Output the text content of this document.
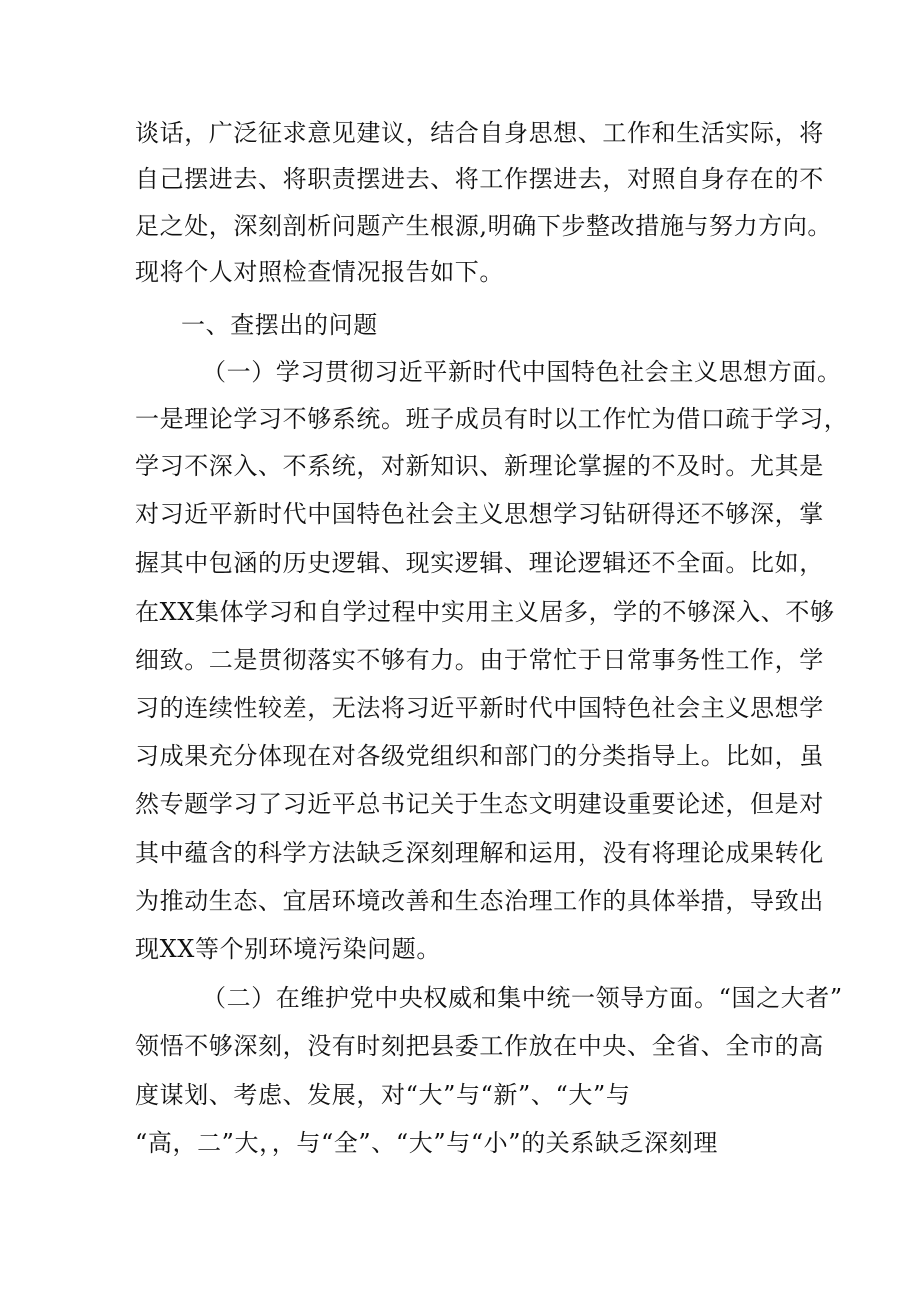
谈话，广泛征求意见建议，结合自身思想、工作和生活实际，将
自己摆进去、将职责摆进去、将工作摆进去，对照自身存在的不
足之处，深刻剖析问题产生根源,明确下步整改措施与努力方向。
现将个人对照检查情况报告如下。
一、查摆出的问题
（一）学习贯彻习近平新时代中国特色社会主义思想方面。
一是理论学习不够系统。班子成员有时以工作忙为借口疏于学习，
学习不深入、不系统，对新知识、新理论掌握的不及时。尤其是
对习近平新时代中国特色社会主义思想学习钻研得还不够深，掌
握其中包涵的历史逻辑、现实逻辑、理论逻辑还不全面。比如，
在XX集体学习和自学过程中实用主义居多，学的不够深入、不够
细致。二是贯彻落实不够有力。由于常忙于日常事务性工作，学
习的连续性较差，无法将习近平新时代中国特色社会主义思想学
习成果充分体现在对各级党组织和部门的分类指导上。比如，虽
然专题学习了习近平总书记关于生态文明建设重要论述，但是对
其中蕴含的科学方法缺乏深刻理解和运用，没有将理论成果转化
为推动生态、宜居环境改善和生态治理工作的具体举措，导致出
现XX等个别环境污染问题。
（二）在维护党中央权威和集中统一领导方面。“国之大者”
领悟不够深刻，没有时刻把县委工作放在中央、全省、全市的高
度谋划、考虑、发展，对“大”与“新”、“大”与
“高，二”大，，与“全”、“大”与“小”的关系缺乏深刻理
